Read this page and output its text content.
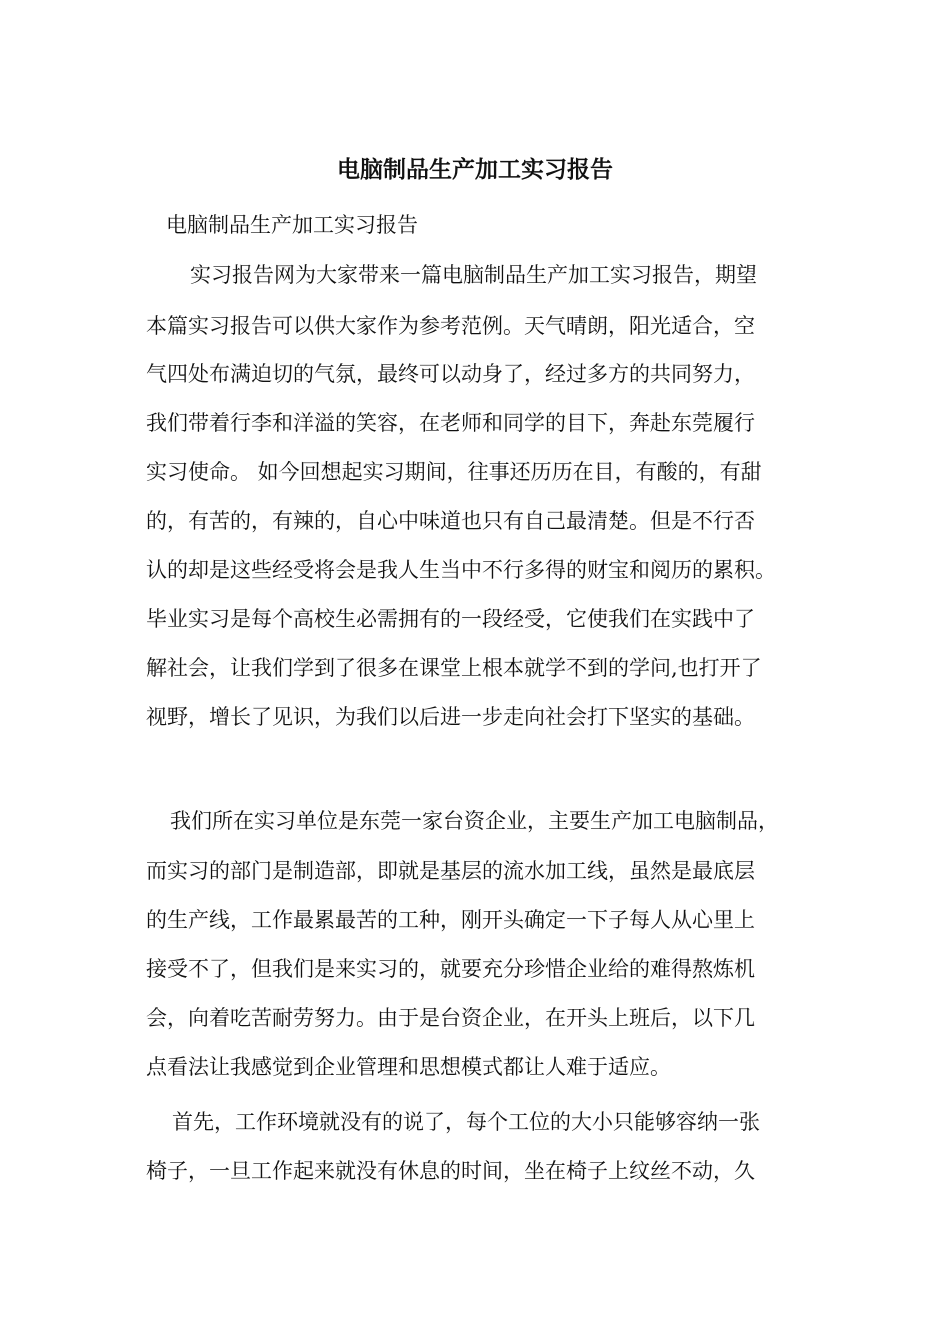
电脑制品生产加工实习报告
电脑制品生产加工实习报告
实习报告网为大家带来一篇电脑制品生产加工实习报告，期望
本篇实习报告可以供大家作为参考范例。天气晴朗，阳光适合，空
气四处布满迫切的气氛，最终可以动身了，经过多方的共同努力，
我们带着行李和洋溢的笑容，在老师和同学的目下，奔赴东莞履行
实习使命。 如今回想起实习期间，往事还历历在目，有酸的，有甜
的，有苦的，有辣的，自心中味道也只有自己最清楚。但是不行否
认的却是这些经受将会是我人生当中不行多得的财宝和阅历的累积。
毕业实习是每个高校生必需拥有的一段经受，它使我们在实践中了
解社会，让我们学到了很多在课堂上根本就学不到的学问,也打开了
视野，增长了见识，为我们以后进一步走向社会打下坚实的基础。
我们所在实习单位是东莞一家台资企业，主要生产加工电脑制品，
而实习的部门是制造部，即就是基层的流水加工线，虽然是最底层
的生产线，工作最累最苦的工种，刚开头确定一下子每人从心里上
接受不了，但我们是来实习的，就要充分珍惜企业给的难得熬炼机
会，向着吃苦耐劳努力。由于是台资企业，在开头上班后，以下几
点看法让我感觉到企业管理和思想模式都让人难于适应。
首先，工作环境就没有的说了，每个工位的大小只能够容纳一张
椅子，一旦工作起来就没有休息的时间，坐在椅子上纹丝不动，久
